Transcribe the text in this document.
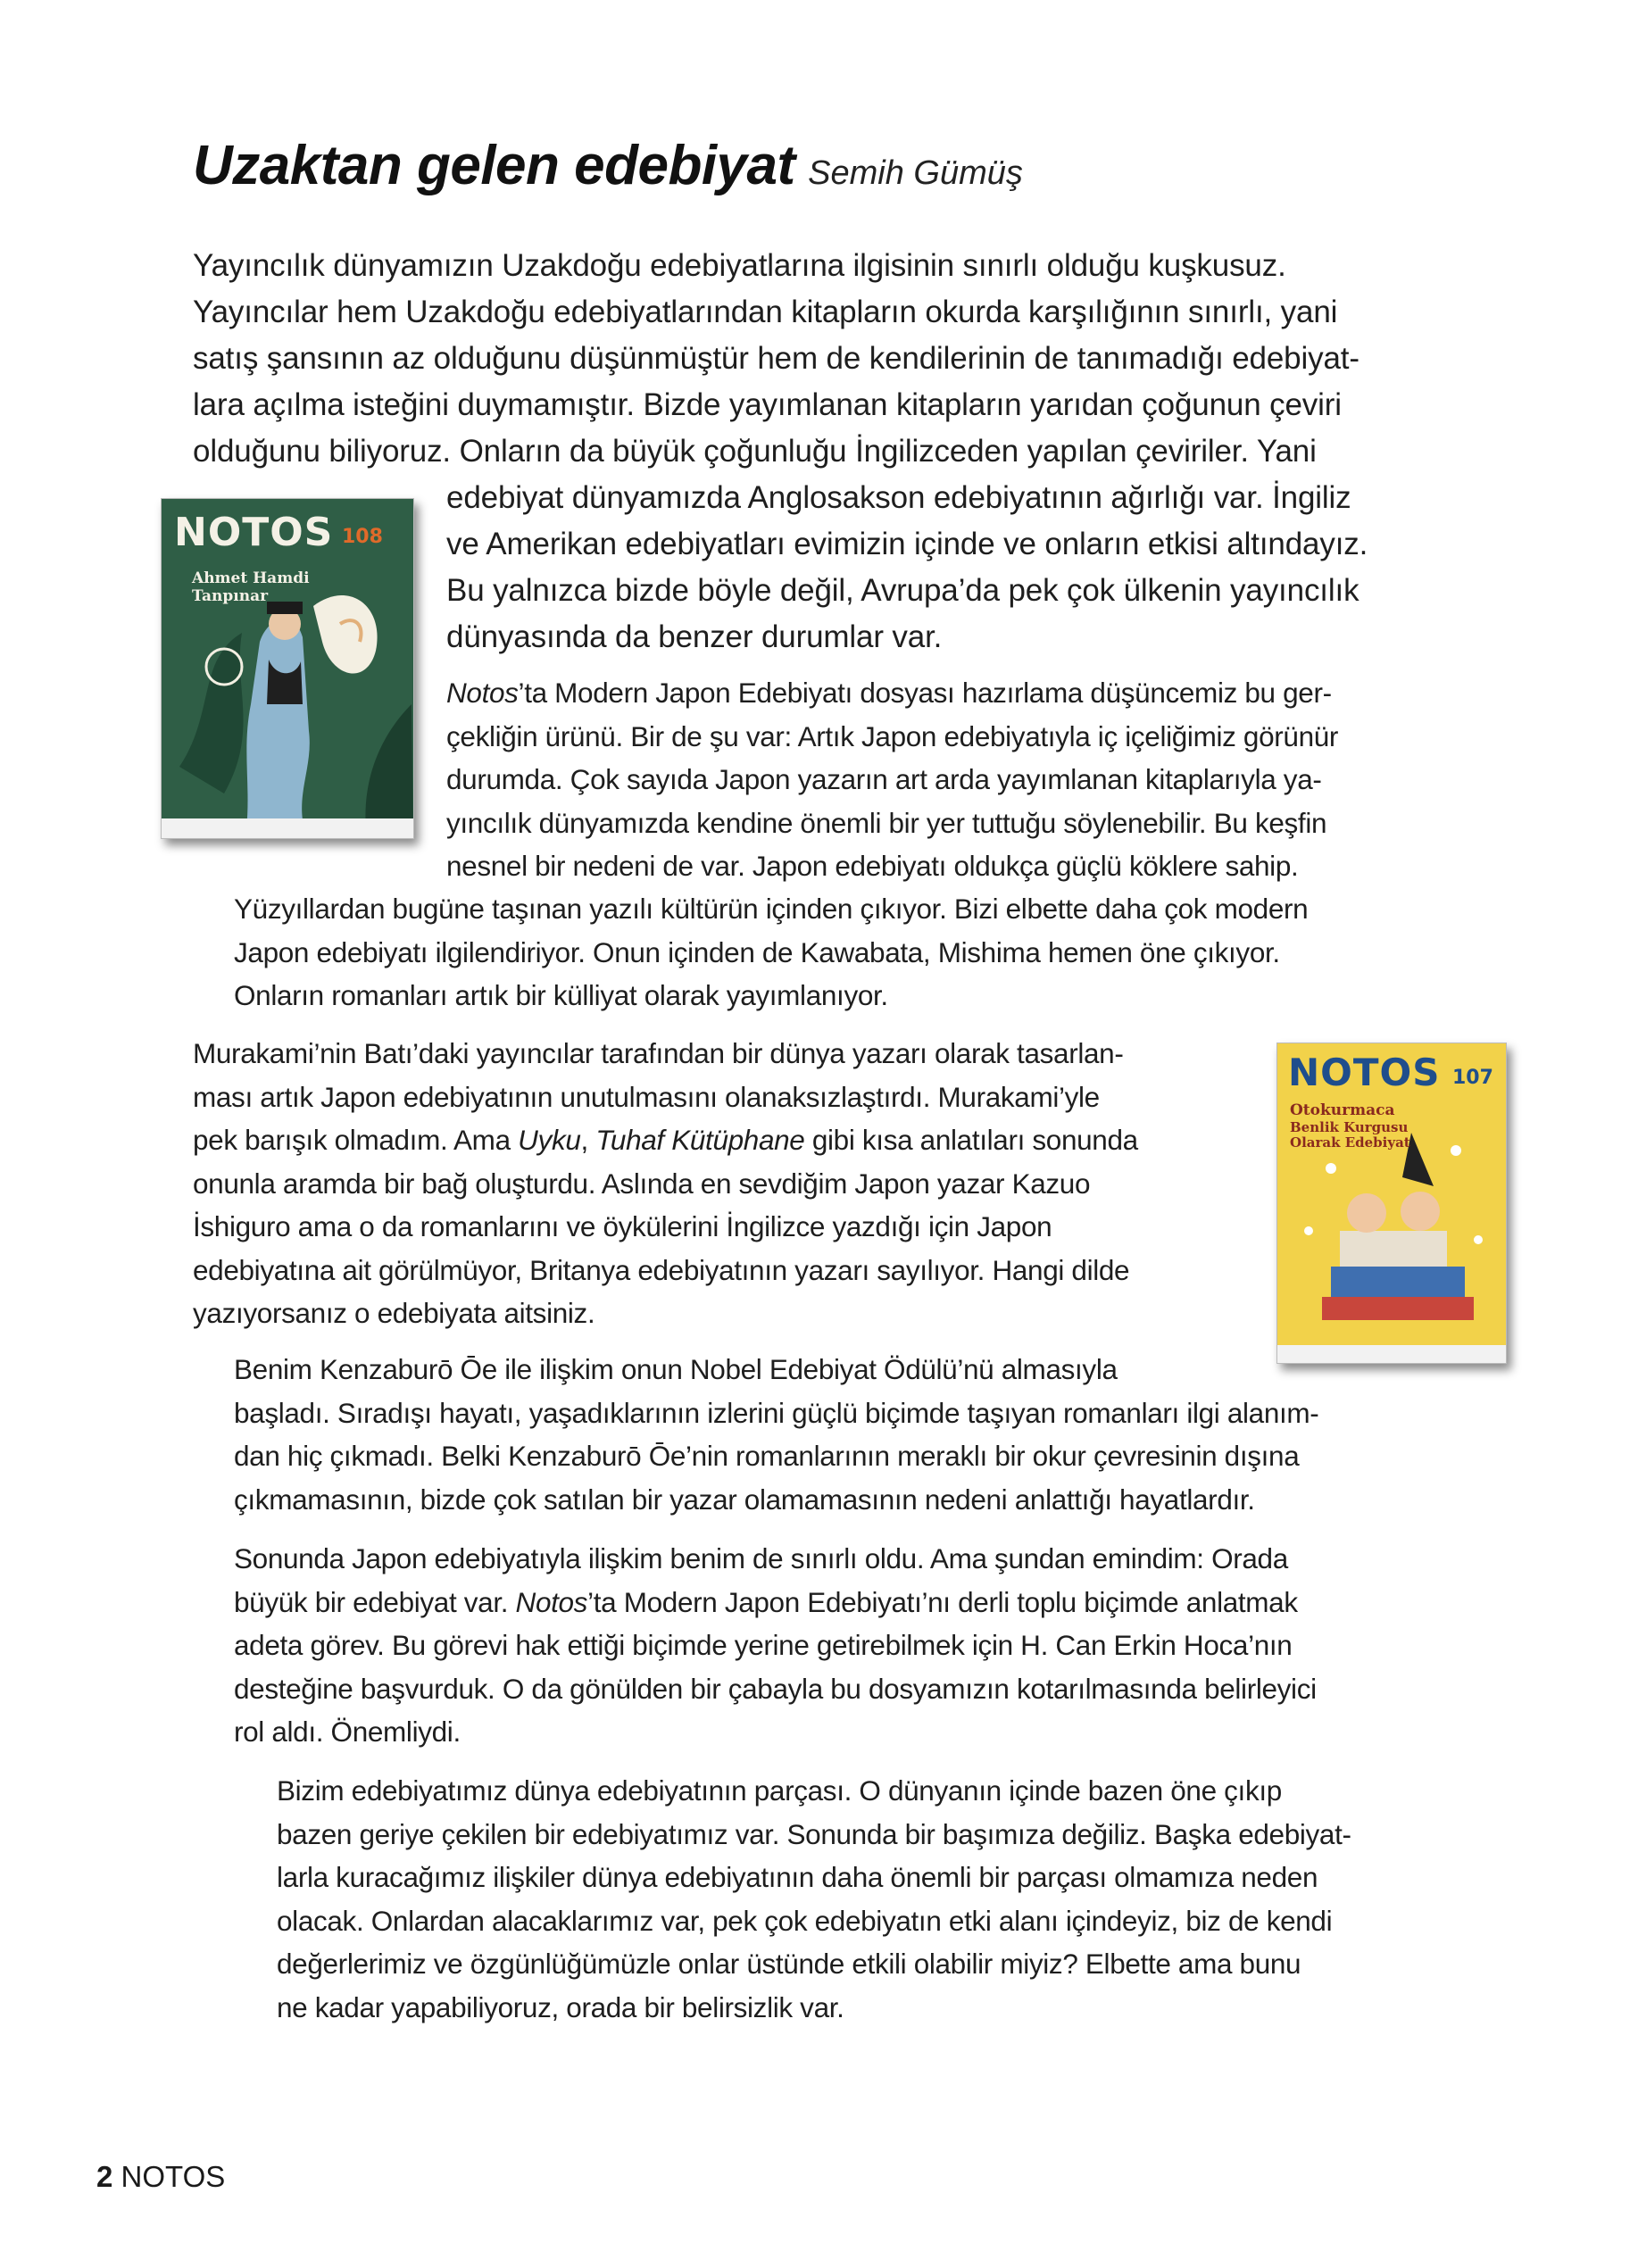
Uzaktan gelen edebiyat Semih Gümüş
Yayıncılık dünyamızın Uzakdoğu edebiyatlarına ilgisinin sınırlı olduğu kuşkusuz.
Yayıncılar hem Uzakdoğu edebiyatlarından kitapların okurda karşılığının sınırlı, yani
satış şansının az olduğunu düşünmüştür hem de kendilerinin de tanımadığı edebiyat-
lara açılma isteğini duymamıştır. Bizde yayımlanan kitapların yarıdan çoğunun çeviri
olduğunu biliyoruz. Onların da büyük çoğunluğu İngilizceden yapılan çeviriler. Yani
edebiyat dünyamızda Anglosakson edebiyatının ağırlığı var. İngiliz
ve Amerikan edebiyatları evimizin içinde ve onların etkisi altındayız.
Bu yalnızca bizde böyle değil, Avrupa’da pek çok ülkenin yayıncılık
dünyasında da benzer durumlar var.
NOTOS 108
Ahmet Hamdi
Tanpınar
Notos’ta Modern Japon Edebiyatı dosyası hazırlama düşüncemiz bu ger-
çekliğin ürünü. Bir de şu var: Artık Japon edebiyatıyla iç içeliğimiz görünür
durumda. Çok sayıda Japon yazarın art arda yayımlanan kitaplarıyla ya-
yıncılık dünyamızda kendine önemli bir yer tuttuğu söylenebilir. Bu keşfin
nesnel bir nedeni de var. Japon edebiyatı oldukça güçlü köklere sahip.
Yüzyıllardan bugüne taşınan yazılı kültürün içinden çıkıyor. Bizi elbette daha çok modern
Japon edebiyatı ilgilendiriyor. Onun içinden de Kawabata, Mishima hemen öne çıkıyor.
Onların romanları artık bir külliyat olarak yayımlanıyor.
Murakami’nin Batı’daki yayıncılar tarafından bir dünya yazarı olarak tasarlan-
ması artık Japon edebiyatının unutulmasını olanaksızlaştırdı. Murakami’yle
pek barışık olmadım. Ama Uyku, Tuhaf Kütüphane gibi kısa anlatıları sonunda
onunla aramda bir bağ oluşturdu. Aslında en sevdiğim Japon yazar Kazuo
İshiguro ama o da romanlarını ve öykülerini İngilizce yazdığı için Japon
edebiyatına ait görülmüyor, Britanya edebiyatının yazarı sayılıyor. Hangi dilde
yazıyorsanız o edebiyata aitsiniz.
NOTOS 107
Otokurmaca
Benlik Kurgusu
Olarak Edebiyat
Benim Kenzaburō Ōe ile ilişkim onun Nobel Edebiyat Ödülü’nü almasıyla
başladı. Sıradışı hayatı, yaşadıklarının izlerini güçlü biçimde taşıyan romanları ilgi alanım-
dan hiç çıkmadı. Belki Kenzaburō Ōe’nin romanlarının meraklı bir okur çevresinin dışına
çıkmamasının, bizde çok satılan bir yazar olamamasının nedeni anlattığı hayatlardır.
Sonunda Japon edebiyatıyla ilişkim benim de sınırlı oldu. Ama şundan emindim: Orada
büyük bir edebiyat var. Notos’ta Modern Japon Edebiyatı’nı derli toplu biçimde anlatmak
adeta görev. Bu görevi hak ettiği biçimde yerine getirebilmek için H. Can Erkin Hoca’nın
desteğine başvurduk. O da gönülden bir çabayla bu dosyamızın kotarılmasında belirleyici
rol aldı. Önemliydi.
Bizim edebiyatımız dünya edebiyatının parçası. O dünyanın içinde bazen öne çıkıp
bazen geriye çekilen bir edebiyatımız var. Sonunda bir başımıza değiliz. Başka edebiyat-
larla kuracağımız ilişkiler dünya edebiyatının daha önemli bir parçası olmamıza neden
olacak. Onlardan alacaklarımız var, pek çok edebiyatın etki alanı içindeyiz, biz de kendi
değerlerimiz ve özgünlüğümüzle onlar üstünde etkili olabilir miyiz? Elbette ama bunu
ne kadar yapabiliyoruz, orada bir belirsizlik var.
2 NOTOS
